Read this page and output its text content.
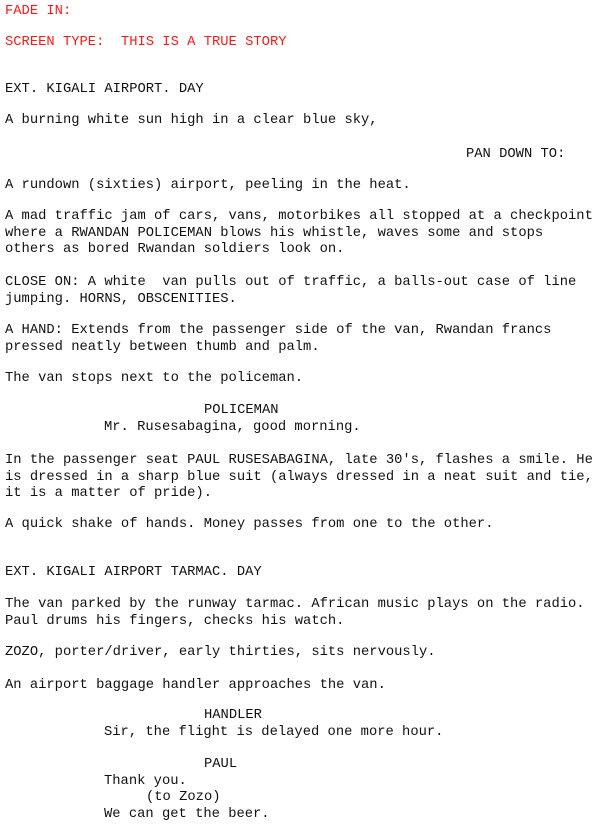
FADE IN:
SCREEN TYPE:  THIS IS A TRUE STORY
EXT. KIGALI AIRPORT. DAY
A burning white sun high in a clear blue sky,
PAN DOWN TO:
A rundown (sixties) airport, peeling in the heat.
A mad traffic jam of cars, vans, motorbikes all stopped at a checkpoint
where a RWANDAN POLICEMAN blows his whistle, waves some and stops
others as bored Rwandan soldiers look on.
CLOSE ON: A white  van pulls out of traffic, a balls-out case of line
jumping. HORNS, OBSCENITIES.
A HAND: Extends from the passenger side of the van, Rwandan francs
pressed neatly between thumb and palm.
The van stops next to the policeman.
POLICEMAN
Mr. Rusesabagina, good morning.
In the passenger seat PAUL RUSESABAGINA, late 30's, flashes a smile. He
is dressed in a sharp blue suit (always dressed in a neat suit and tie,
it is a matter of pride).
A quick shake of hands. Money passes from one to the other.
EXT. KIGALI AIRPORT TARMAC. DAY
The van parked by the runway tarmac. African music plays on the radio.
Paul drums his fingers, checks his watch.
ZOZO, porter/driver, early thirties, sits nervously.
An airport baggage handler approaches the van.
HANDLER
Sir, the flight is delayed one more hour.
PAUL
Thank you.
(to Zozo)
We can get the beer.
